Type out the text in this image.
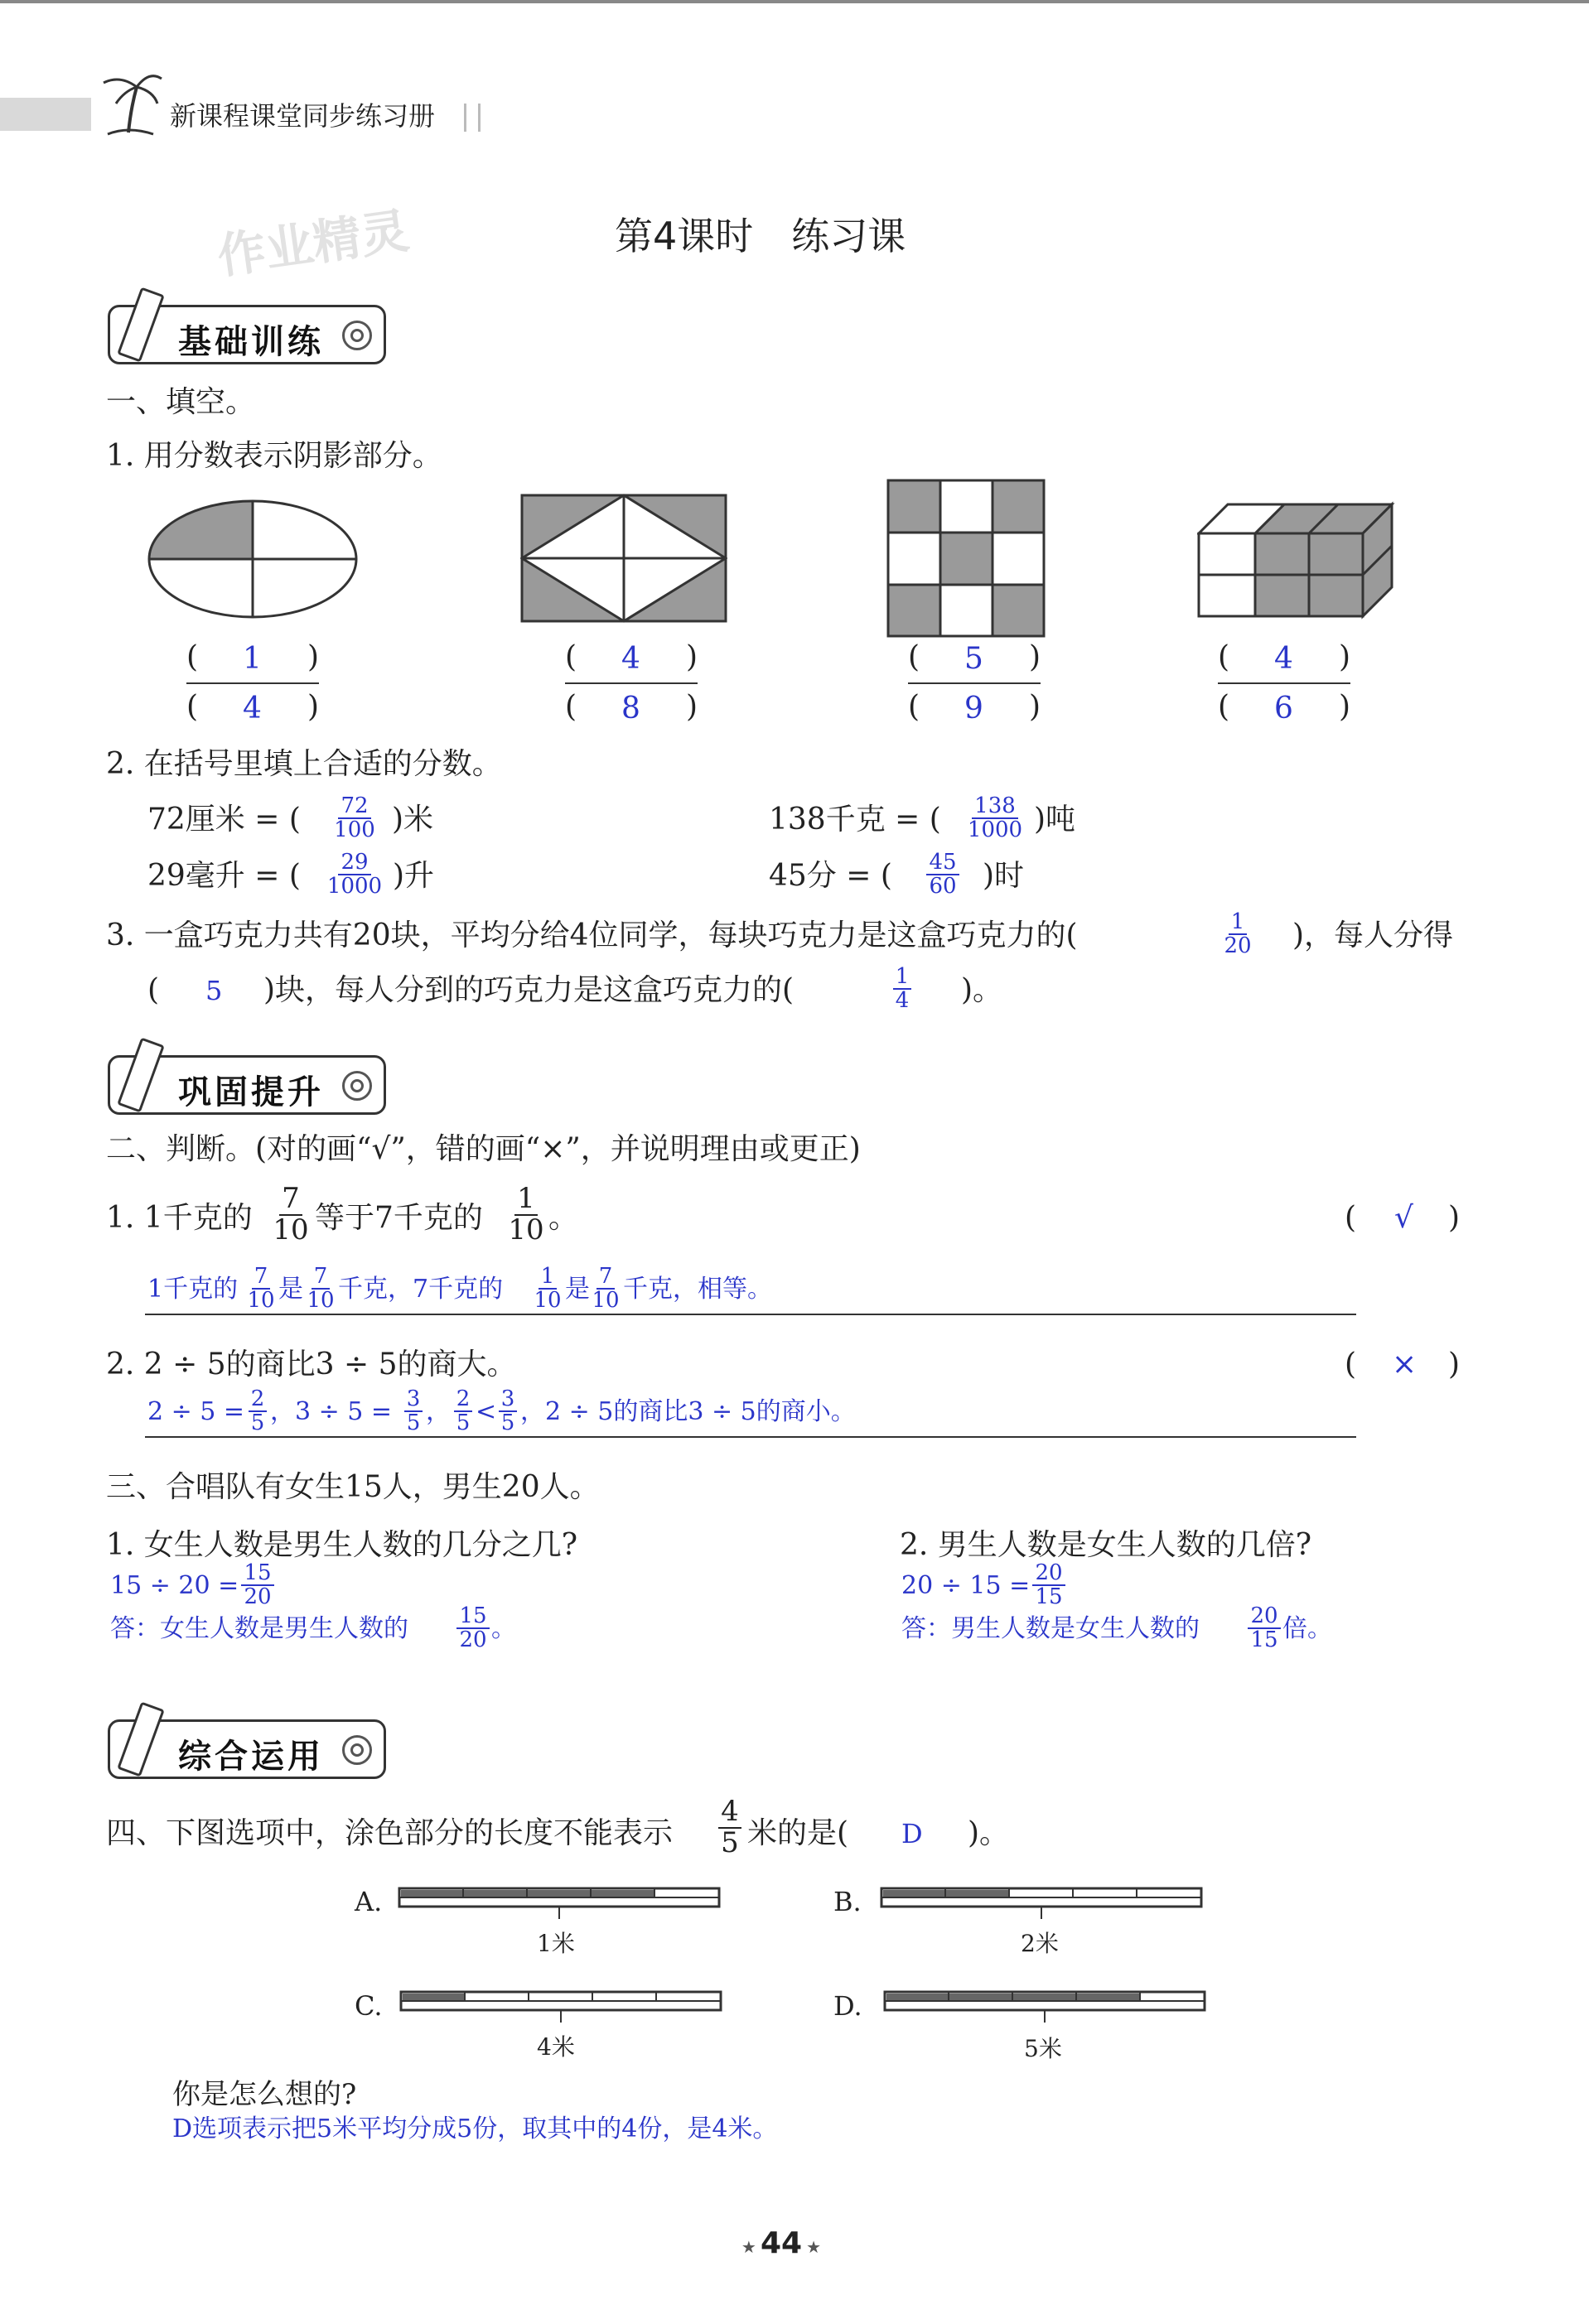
新课程课堂同步练习册
作业精灵	第4课时　练习课
基础训练
一、填空。
1. 用分数表示阴影部分。
(	)
1
(	)
4
(	)
4
(	)
8
(	)
5
(	)
9
(	)
4
(	)
6
2. 在括号里填上合适的分数。
72厘米 = ( $\frac{72}{100}$ )米	138千克 = ( $\frac{138}{1000}$ )吨
29毫升 = ( $\frac{29}{1000}$ )升	45分 = ( $\frac{45}{60}$ )时
3. 一盒巧克力共有20块，平均分给4位同学，每块巧克力是这盒巧克力的(	$\frac{1}{20}$ )，每人分得
( 5 )块，每人分到的巧克力是这盒巧克力的(	$\frac{1}{4}$ )。
巩固提升
二、判断。(对的画“√”，错的画“×”，并说明理由或更正)
1. 1千克的 $\frac{7}{10}$ 等于7千克的 $\frac{1}{10}$ 。	( √ )
1千克的 $\frac{7}{10}$ 是 $\frac{7}{10}$ 千克，7千克的 $\frac{1}{10}$ 是 $\frac{7}{10}$ 千克，相等。
2. 2 ÷ 5的商比3 ÷ 5的商大。	( × )
$2 \div 5 = \frac{2}{5}$ ，$3 \div 5 = \frac{3}{5}$ ， $\frac{2}{5} < \frac{3}{5}$ ，2 ÷ 5的商比3 ÷ 5的商小。
三、合唱队有女生15人，男生20人。
1. 女生人数是男生人数的几分之几?	2. 男生人数是女生人数的几倍?
$15 \div 20 = \frac{15}{20}$
答：女生人数是男生人数的 $\frac{15}{20}$ 。
$20 \div 15 = \frac{20}{15}$
答：男生人数是女生人数的 $\frac{20}{15}$ 倍。
综合运用
四、下图选项中，涂色部分的长度不能表示 $\frac{4}{5}$ 米的是( D )。
A.
1米
B.
2米
C.
4米
D.
5米
你是怎么想的?
D选项表示把5米平均分成5份，取其中的4份，是4米。
★ 44 ★
